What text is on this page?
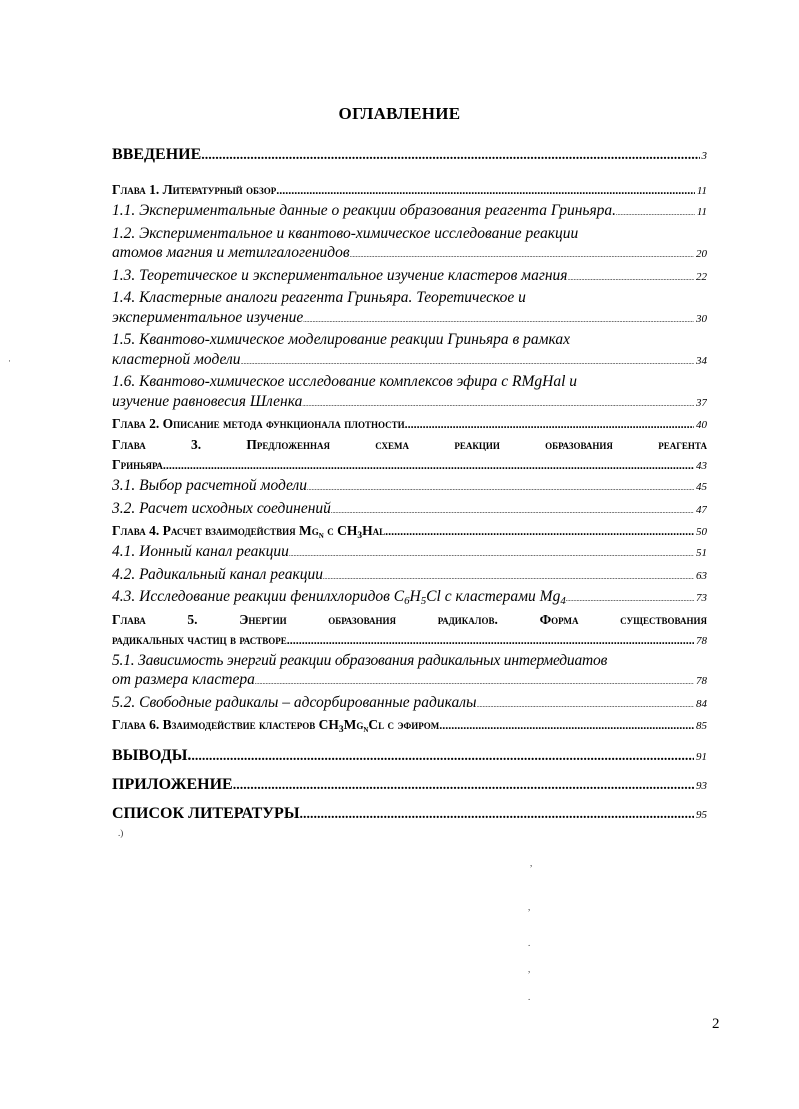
ОГЛАВЛЕНИЕ
ВВЕДЕНИЕ .....	3
Глава 1. Литературный обзор .....	11
1.1. Экспериментальные данные о реакции образования реагента Гриньяра. .....	11
1.2. Экспериментальное и квантово-химическое исследование реакции
атомов магния и метилгалогенидов .....	20
1.3. Теоретическое и экспериментальное изучение кластеров магния .....	22
1.4. Кластерные аналоги реагента Гриньяра. Теоретическое и
экспериментальное изучение .....	30
1.5. Квантово-химическое моделирование реакции Гриньяра в рамках
кластерной модели .....	34
1.6. Квантово-химическое исследование комплексов эфира с RMgHal и
изучение равновесия Шленка .....	37
Глава 2. Описание метода функционала плотности .....	40
Глава 3. Предложенная схема реакции образования реагента
Гриньяра .....	43
3.1. Выбор расчетной модели .....	45
3.2. Расчет исходных соединений .....	47
Глава 4. Расчет взаимодействия $Mg_n$ с $CH_3Hal$ .....	50
4.1. Ионный канал реакции .....	51
4.2. Радикальный канал реакции .....	63
4.3. Исследование реакции фенилхлоридов $C_6H_5Cl$ с кластерами $Mg_4$ .....	73
Глава 5. Энергии образования радикалов. Форма существования
радикальных частиц в растворе .....	78
5.1. Зависимость энергий реакции образования радикальных интермедиатов
от размера кластера .....	78
5.2. Свободные радикалы – адсорбированные радикалы .....	84
Глава 6. Взаимодействие кластеров $CH_3Mg_nCl$ с эфиром .....	85
ВЫВОДЫ. .....	91
ПРИЛОЖЕНИЕ .....	93
СПИСОК ЛИТЕРАТУРЫ .....	95
2
·
.)
,
,
.
,
.
